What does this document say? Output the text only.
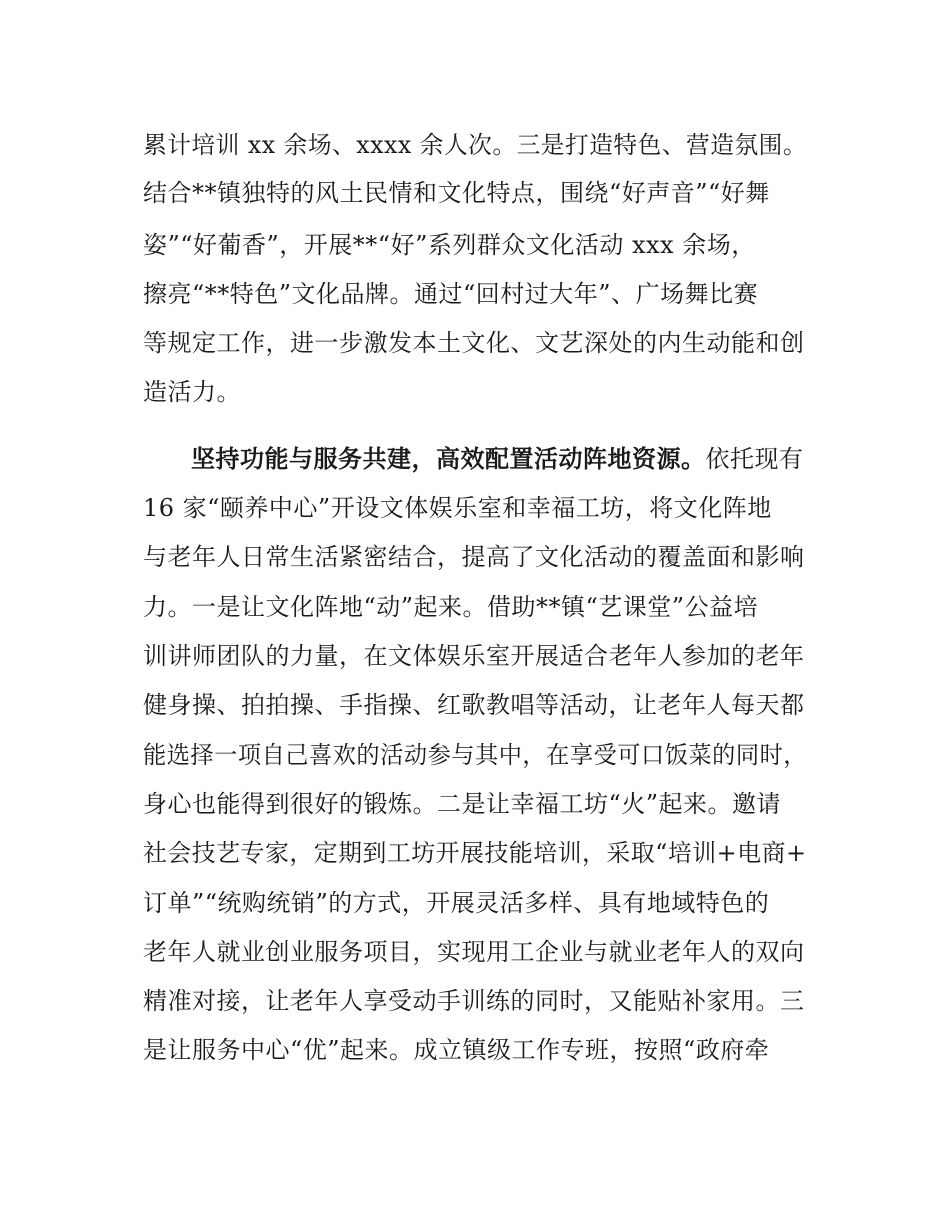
累计培训 xx 余场、xxxx 余人次。三是打造特色、营造氛围。
结合**镇独特的风土民情和文化特点，围绕“好声音”“好舞
姿”“好葡香”，开展**“好”系列群众文化活动 xxx 余场，
擦亮“**特色”文化品牌。通过“回村过大年”、广场舞比赛
等规定工作，进一步激发本土文化、文艺深处的内生动能和创
造活力。
坚持功能与服务共建，高效配置活动阵地资源。依托现有
16 家“颐养中心”开设文体娱乐室和幸福工坊，将文化阵地
与老年人日常生活紧密结合，提高了文化活动的覆盖面和影响
力。一是让文化阵地“动”起来。借助**镇“艺课堂”公益培
训讲师团队的力量，在文体娱乐室开展适合老年人参加的老年
健身操、拍拍操、手指操、红歌教唱等活动，让老年人每天都
能选择一项自己喜欢的活动参与其中，在享受可口饭菜的同时，
身心也能得到很好的锻炼。二是让幸福工坊“火”起来。邀请
社会技艺专家，定期到工坊开展技能培训，采取“培训+电商+
订单”“统购统销”的方式，开展灵活多样、具有地域特色的
老年人就业创业服务项目，实现用工企业与就业老年人的双向
精准对接，让老年人享受动手训练的同时，又能贴补家用。三
是让服务中心“优”起来。成立镇级工作专班，按照“政府牵
